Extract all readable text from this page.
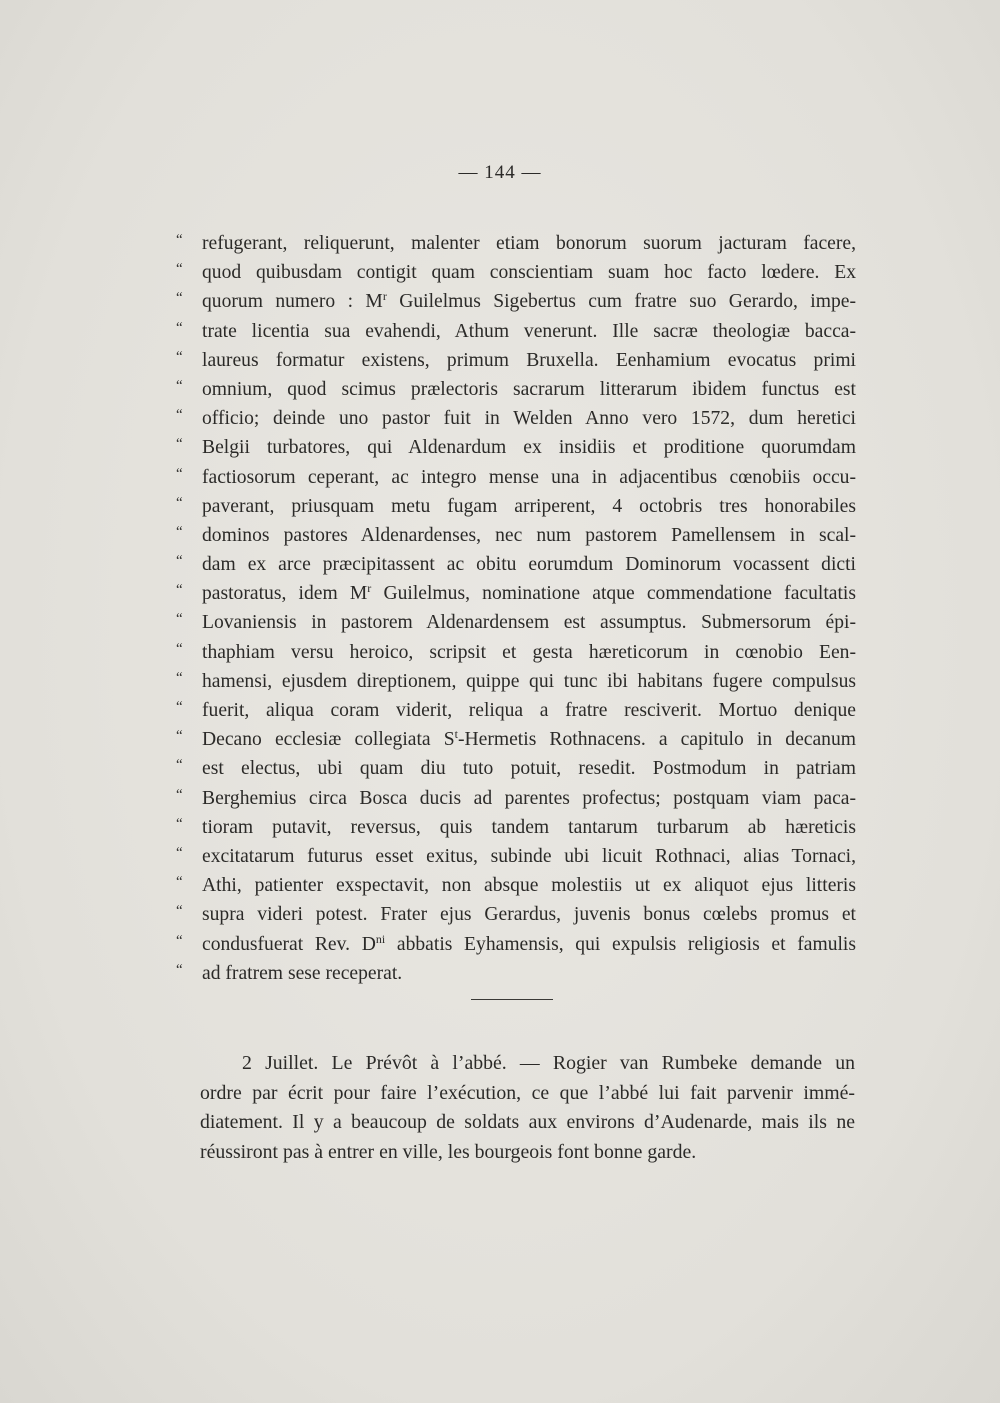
— 144 —
“ refugerant, reliquerunt, malenter etiam bonorum suorum jacturam facere,
“ quod quibusdam contigit quam conscientiam suam hoc facto lœdere. Ex
“ quorum numero : $M^r$ Guilelmus Sigebertus cum fratre suo Gerardo, impe-
“ trate licentia sua evahendi, Athum venerunt. Ille sacræ theologiæ bacca-
“ laureus formatur existens, primum Bruxella. Eenhamium evocatus primi
“ omnium, quod scimus prælectoris sacrarum litterarum ibidem functus est
“ officio; deinde uno pastor fuit in Welden Anno vero 1572, dum heretici
“ Belgii turbatores, qui Aldenardum ex insidiis et proditione quorumdam
“ factiosorum ceperant, ac integro mense una in adjacentibus cœnobiis occu-
“ paverant, priusquam metu fugam arriperent, 4 octobris tres honorabiles
“ dominos pastores Aldenardenses, nec num pastorem Pamellensem in scal-
“ dam ex arce præcipitassent ac obitu eorumdum Dominorum vocassent dicti
“ pastoratus, idem $M^r$ Guilelmus, nominatione atque commendatione facultatis
“ Lovaniensis in pastorem Aldenardensem est assumptus. Submersorum épi-
“ thaphiam versu heroico, scripsit et gesta hæreticorum in cœnobio Een-
“ hamensi, ejusdem direptionem, quippe qui tunc ibi habitans fugere compulsus
“ fuerit, aliqua coram viderit, reliqua a fratre resciverit. Mortuo denique
“ Decano ecclesiæ collegiata $S^t$-Hermetis Rothnacens. a capitulo in decanum
“ est electus, ubi quam diu tuto potuit, resedit. Postmodum in patriam
“ Berghemius circa Bosca ducis ad parentes profectus; postquam viam paca-
“ tioram putavit, reversus, quis tandem tantarum turbarum ab hæreticis
“ excitatarum futurus esset exitus, subinde ubi licuit Rothnaci, alias Tornaci,
“ Athi, patienter exspectavit, non absque molestiis ut ex aliquot ejus litteris
“ supra videri potest. Frater ejus Gerardus, juvenis bonus cœlebs promus et
“ condusfuerat Rev. $D^{ni}$ abbatis Eyhamensis, qui expulsis religiosis et famulis
“ ad fratrem sese receperat.

2 Juillet. Le Prévôt à l’abbé. — Rogier van Rumbeke demande un
ordre par écrit pour faire l’exécution, ce que l’abbé lui fait parvenir immé-
diatement. Il y a beaucoup de soldats aux environs d’Audenarde, mais ils ne
réussiront pas à entrer en ville, les bourgeois font bonne garde.
